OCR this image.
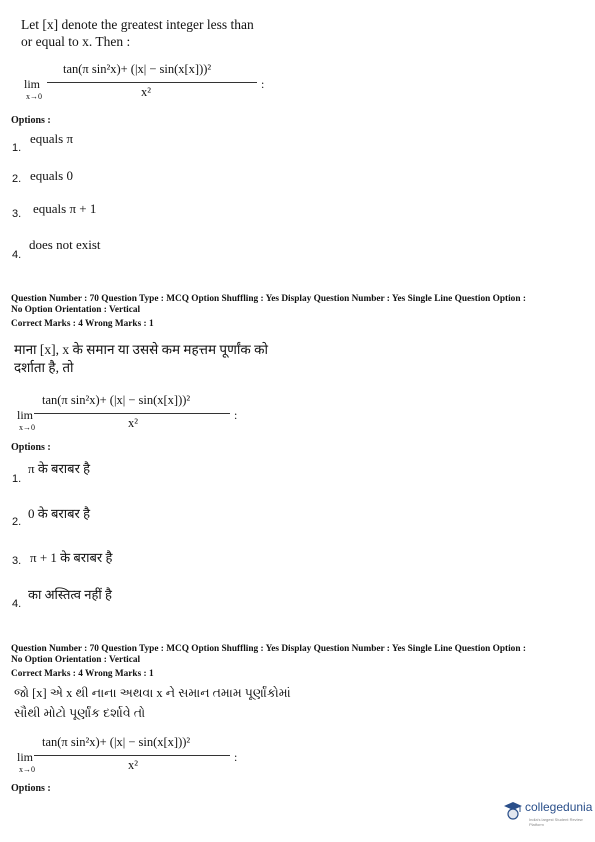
Let [x] denote the greatest integer less than
or equal to x. Then :
lim
x→0
tan(π sin²x)+ (|x| − sin(x[x]))²
x²
:
Options :
1.
equals π
2. equals 0
3. equals π + 1
4.
does not exist
Question Number : 70 Question Type : MCQ Option Shuffling : Yes Display Question Number : Yes Single Line Question Option :
No Option Orientation : Vertical
Correct Marks : 4 Wrong Marks : 1
माना [x], x के समान या उससे कम महत्तम पूर्णांक को
दर्शाता है, तो
lim
x→0
tan(π sin²x)+ (|x| − sin(x[x]))²
x²
:
Options :
1.
π के बराबर है
2.
0 के बराबर है
3. π + 1 के बराबर है
4.
का अस्तित्व नहीं है
Question Number : 70 Question Type : MCQ Option Shuffling : Yes Display Question Number : Yes Single Line Question Option :
No Option Orientation : Vertical
Correct Marks : 4 Wrong Marks : 1
જો [x] એ x થી નાના અથવા x ને સમાન તમામ પૂર્ણાંકોમાં
સૌથી મોટો પૂર્ણાંક દર્શાવે તો
lim
x→0
tan(π sin²x)+ (|x| − sin(x[x]))²
x²
:
Options :
collegedunia
India's largest Student Review Platform
